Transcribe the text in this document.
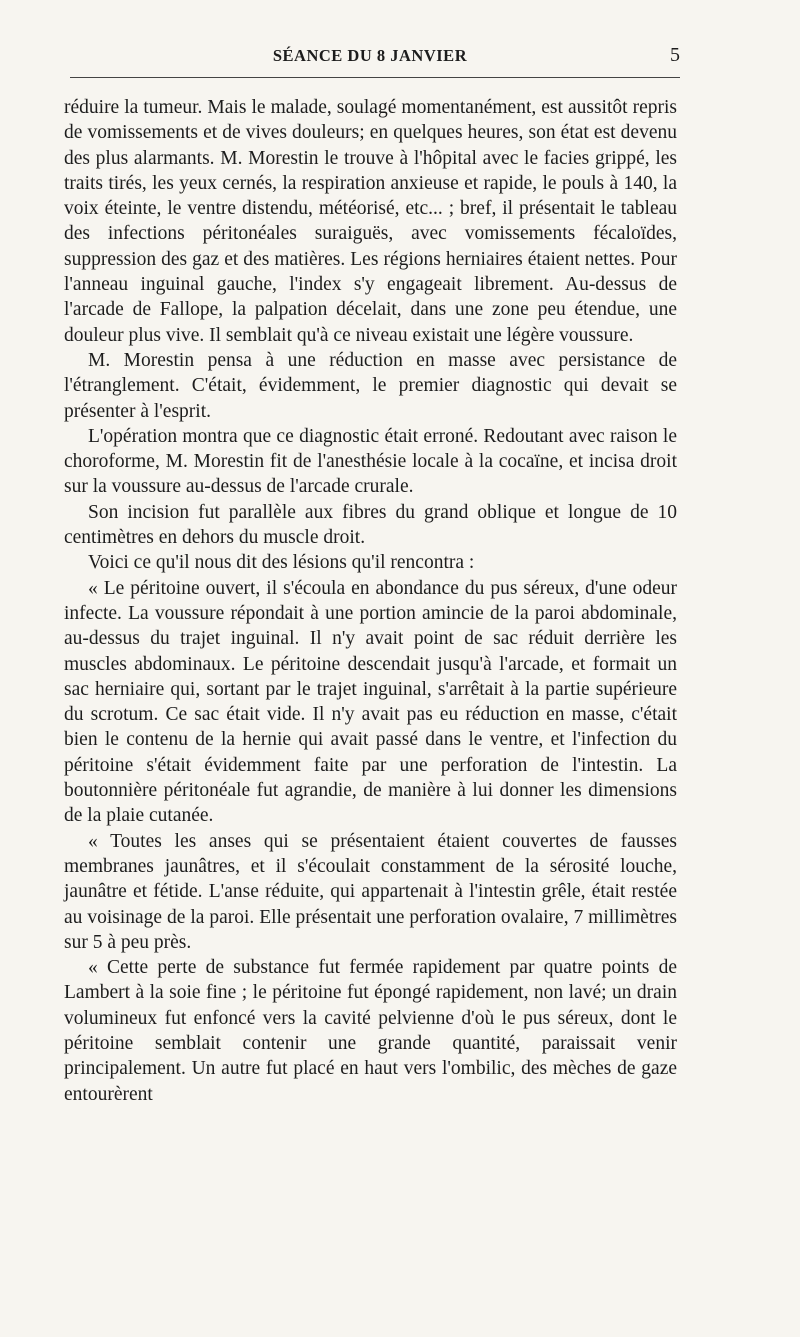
SÉANCE DU 8 JANVIER	5

réduire la tumeur. Mais le malade, soulagé momentanément, est aussitôt repris de vomissements et de vives douleurs; en quelques heures, son état est devenu des plus alarmants. M. Morestin le trouve à l'hôpital avec le facies grippé, les traits tirés, les yeux cernés, la respiration anxieuse et rapide, le pouls à 140, la voix éteinte, le ventre distendu, météorisé, etc... ; bref, il présentait le tableau des infections péritonéales suraiguës, avec vomissements fécaloïdes, suppression des gaz et des matières. Les régions herniaires étaient nettes. Pour l'anneau inguinal gauche, l'index s'y engageait librement. Au-dessus de l'arcade de Fallope, la palpation décelait, dans une zone peu étendue, une douleur plus vive. Il semblait qu'à ce niveau existait une légère voussure.

M. Morestin pensa à une réduction en masse avec persistance de l'étranglement. C'était, évidemment, le premier diagnostic qui devait se présenter à l'esprit.

L'opération montra que ce diagnostic était erroné. Redoutant avec raison le choroforme, M. Morestin fit de l'anesthésie locale à la cocaïne, et incisa droit sur la voussure au-dessus de l'arcade crurale.

Son incision fut parallèle aux fibres du grand oblique et longue de 10 centimètres en dehors du muscle droit.

Voici ce qu'il nous dit des lésions qu'il rencontra :

« Le péritoine ouvert, il s'écoula en abondance du pus séreux, d'une odeur infecte. La voussure répondait à une portion amincie de la paroi abdominale, au-dessus du trajet inguinal. Il n'y avait point de sac réduit derrière les muscles abdominaux. Le péritoine descendait jusqu'à l'arcade, et formait un sac herniaire qui, sortant par le trajet inguinal, s'arrêtait à la partie supérieure du scrotum. Ce sac était vide. Il n'y avait pas eu réduction en masse, c'était bien le contenu de la hernie qui avait passé dans le ventre, et l'infection du péritoine s'était évidemment faite par une perforation de l'intestin. La boutonnière péritonéale fut agrandie, de manière à lui donner les dimensions de la plaie cutanée.

« Toutes les anses qui se présentaient étaient couvertes de fausses membranes jaunâtres, et il s'écoulait constamment de la sérosité louche, jaunâtre et fétide. L'anse réduite, qui appartenait à l'intestin grêle, était restée au voisinage de la paroi. Elle présentait une perforation ovalaire, 7 millimètres sur 5 à peu près.

« Cette perte de substance fut fermée rapidement par quatre points de Lambert à la soie fine ; le péritoine fut épongé rapidement, non lavé; un drain volumineux fut enfoncé vers la cavité pelvienne d'où le pus séreux, dont le péritoine semblait contenir une grande quantité, paraissait venir principalement. Un autre fut placé en haut vers l'ombilic, des mèches de gaze entourèrent
